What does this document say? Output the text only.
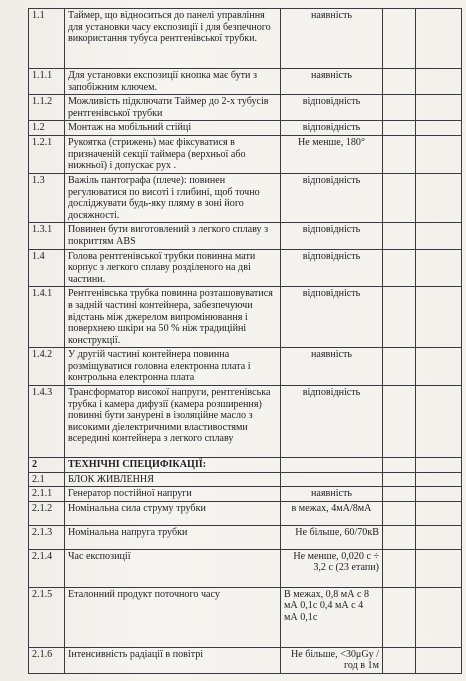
1.1	Таймер, що відноситься до панелі управління для установки часу експозиції і для безпечного використання тубуса рентгенівської трубки.	наявність		
1.1.1	Для установки експозиції кнопка має бути з запобіжним ключем.	наявність		
1.1.2	Можливість підключати Таймер до 2-х тубусів рентгенівської трубки	відповідність		
1.2	Монтаж на мобільний стійці	відповідність		
1.2.1	Рукоятка (стрижень) має фіксуватися в призначеній секції таймера (верхньої або нижньої) і допускає рух .	Не менше, 180°		
1.3	Важіль пантографа (плече): повинен регулюватися по висоті і глибині, щоб точно досліджувати будь-яку пляму в зоні його досяжності.	відповідність		
1.3.1	Повинен бути виготовлений з легкого сплаву з покриттям ABS	відповідність		
1.4	Голова рентгенівської трубки повинна мати корпус з легкого сплаву розділеного на дві частини.	відповідність		
1.4.1	Рентгенівська трубка повинна розташовуватися в задній частині контейнера, забезпечуючи відстань між джерелом випромінювання і поверхнею шкіри на 50 % ніж традиційні конструкції.	відповідність		
1.4.2	У другій частині контейнера повинна розміщуватися головна електронна плата і контрольна електронна плата	наявність		
1.4.3	Трансформатор високої напруги, рентгенівська трубка і камера дифузії (камера розширення) повинні бути занурені в ізоляційне масло з високими діелектричними властивостями всередині контейнера з легкого сплаву	відповідність		
2	ТЕХНІЧНІ СПЕЦИФІКАЦІЇ:			
2.1	БЛОК ЖИВЛЕННЯ			
2.1.1	Генератор постійної напруги	наявність		
2.1.2	Номінальна сила струму трубки	в межах, 4мА/8мА		
2.1.3	Номінальна напруга трубки	Не більше, 60/70кВ		
2.1.4	Час експозиції	Не менше, 0,020 с ÷ 3,2 с (23 етапи)		
2.1.5	Еталонний продукт поточного часу	В межах, 0,8 мА с 8 мА 0,1с 0,4 мА с 4 мА 0,1с		
2.1.6	Інтенсивність радіації в повітрі	Не більше, <30μGy / год в 1м		
